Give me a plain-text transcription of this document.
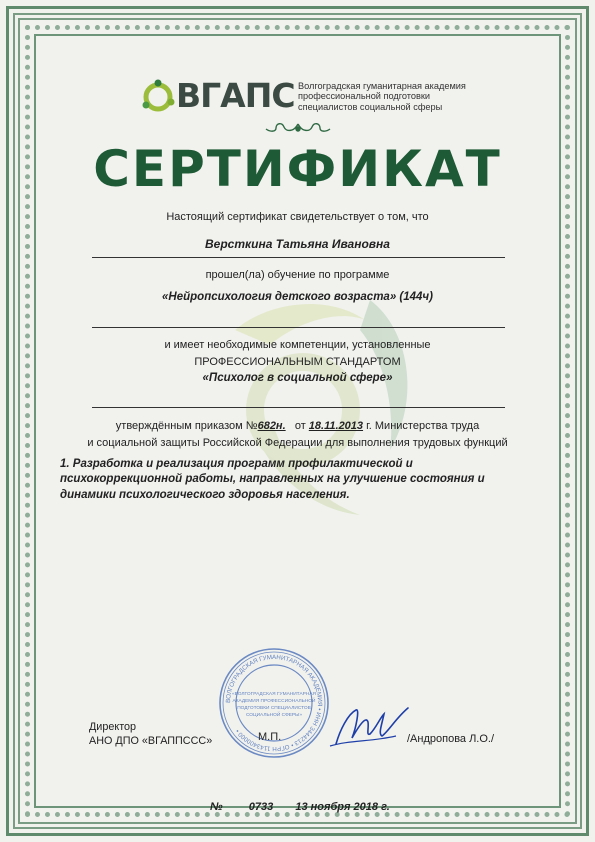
ВГАПС Волгоградская гуманитарная академия
профессиональной подготовки
специалистов социальной сферы
СЕРТИФИКАТ
Настоящий сертификат свидетельствует о том, что
Версткина Татьяна Ивановна
прошел(ла) обучение по программе
«Нейропсихология детского возраста» (144ч)
и имеет необходимые компетенции, установленные
ПРОФЕССИОНАЛЬНЫМ СТАНДАРТОМ
«Психолог в социальной сфере»
утверждённым приказом №682н. от 18.11.2013 г. Министерства труда
и социальной защиты Российской Федерации для выполнения трудовых функций
1. Разработка и реализация программ профилактической и психокоррекционной работы, направленных на улучшение состояния и динамики психологического здоровья населения.
ВОЛГОГРАДСКАЯ ГУМАНИТАРНАЯ АКАДЕМИЯ • ИНН 3444213 • ОГРН 1143400000 •
«ВОЛГОГРАДСКАЯ ГУМАНИТАРНАЯ
АКАДЕМИЯ ПРОФЕССИОНАЛЬНОЙ
ПОДГОТОВКИ СПЕЦИАЛИСТОВ
СОЦИАЛЬНОЙ СФЕРЫ»
Директор
АНО ДПО «ВГАППССС»	М.П.	/Андропова Л.О./
№ 0733 13 ноября 2018 г.
